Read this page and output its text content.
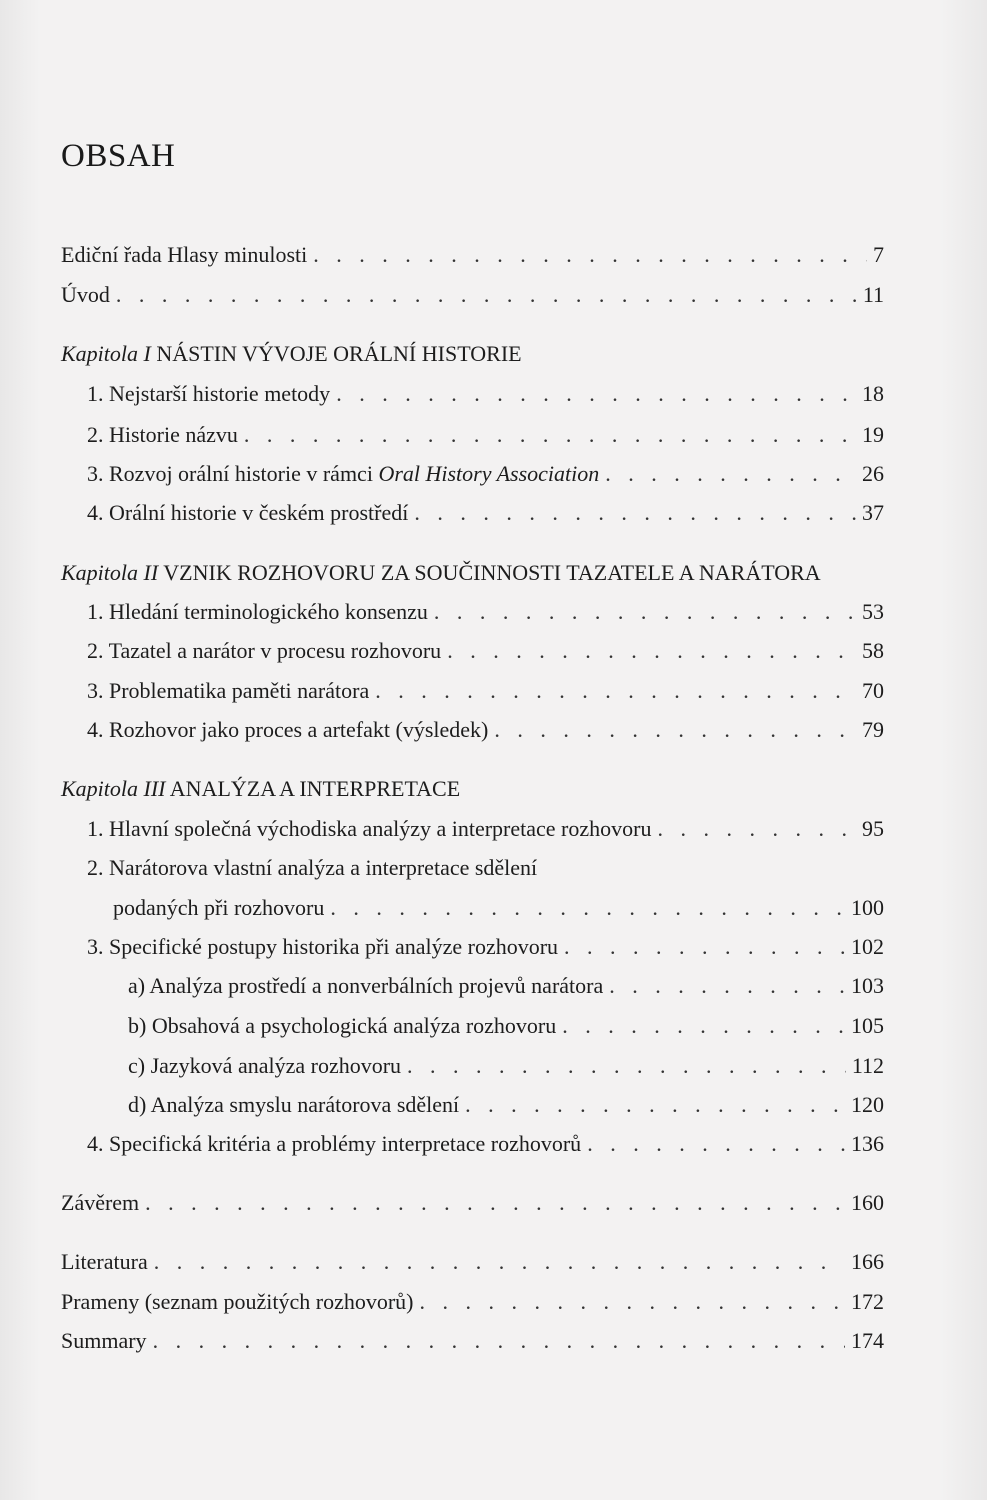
OBSAH
Ediční řada Hlasy minulosti . . .	7
Úvod . . .	11
Kapitola I NÁSTIN VÝVOJE ORÁLNÍ HISTORIE
1. Nejstarší historie metody . . .	18
2. Historie názvu . . .	19
3. Rozvoj orální historie v rámci Oral History Association . . .	26
4. Orální historie v českém prostředí . . .	37
Kapitola II VZNIK ROZHOVORU ZA SOUČINNOSTI TAZATELE A NARÁTORA
1. Hledání terminologického konsenzu . . .	53
2. Tazatel a narátor v procesu rozhovoru . . .	58
3. Problematika paměti narátora . . .	70
4. Rozhovor jako proces a artefakt (výsledek) . . .	79
Kapitola III ANALÝZA A INTERPRETACE
1. Hlavní společná východiska analýzy a interpretace rozhovoru . . .	95
2. Narátorova vlastní analýza a interpretace sdělení
podaných při rozhovoru . . .	100
3. Specifické postupy historika při analýze rozhovoru . . .	102
a) Analýza prostředí a nonverbálních projevů narátora . . .	103
b) Obsahová a psychologická analýza rozhovoru . . .	105
c) Jazyková analýza rozhovoru . . .	112
d) Analýza smyslu narátorova sdělení . . .	120
4. Specifická kritéria a problémy interpretace rozhovorů . . .	136
Závěrem . . .	160
Literatura . . .	166
Prameny (seznam použitých rozhovorů) . . .	172
Summary . . .	174
